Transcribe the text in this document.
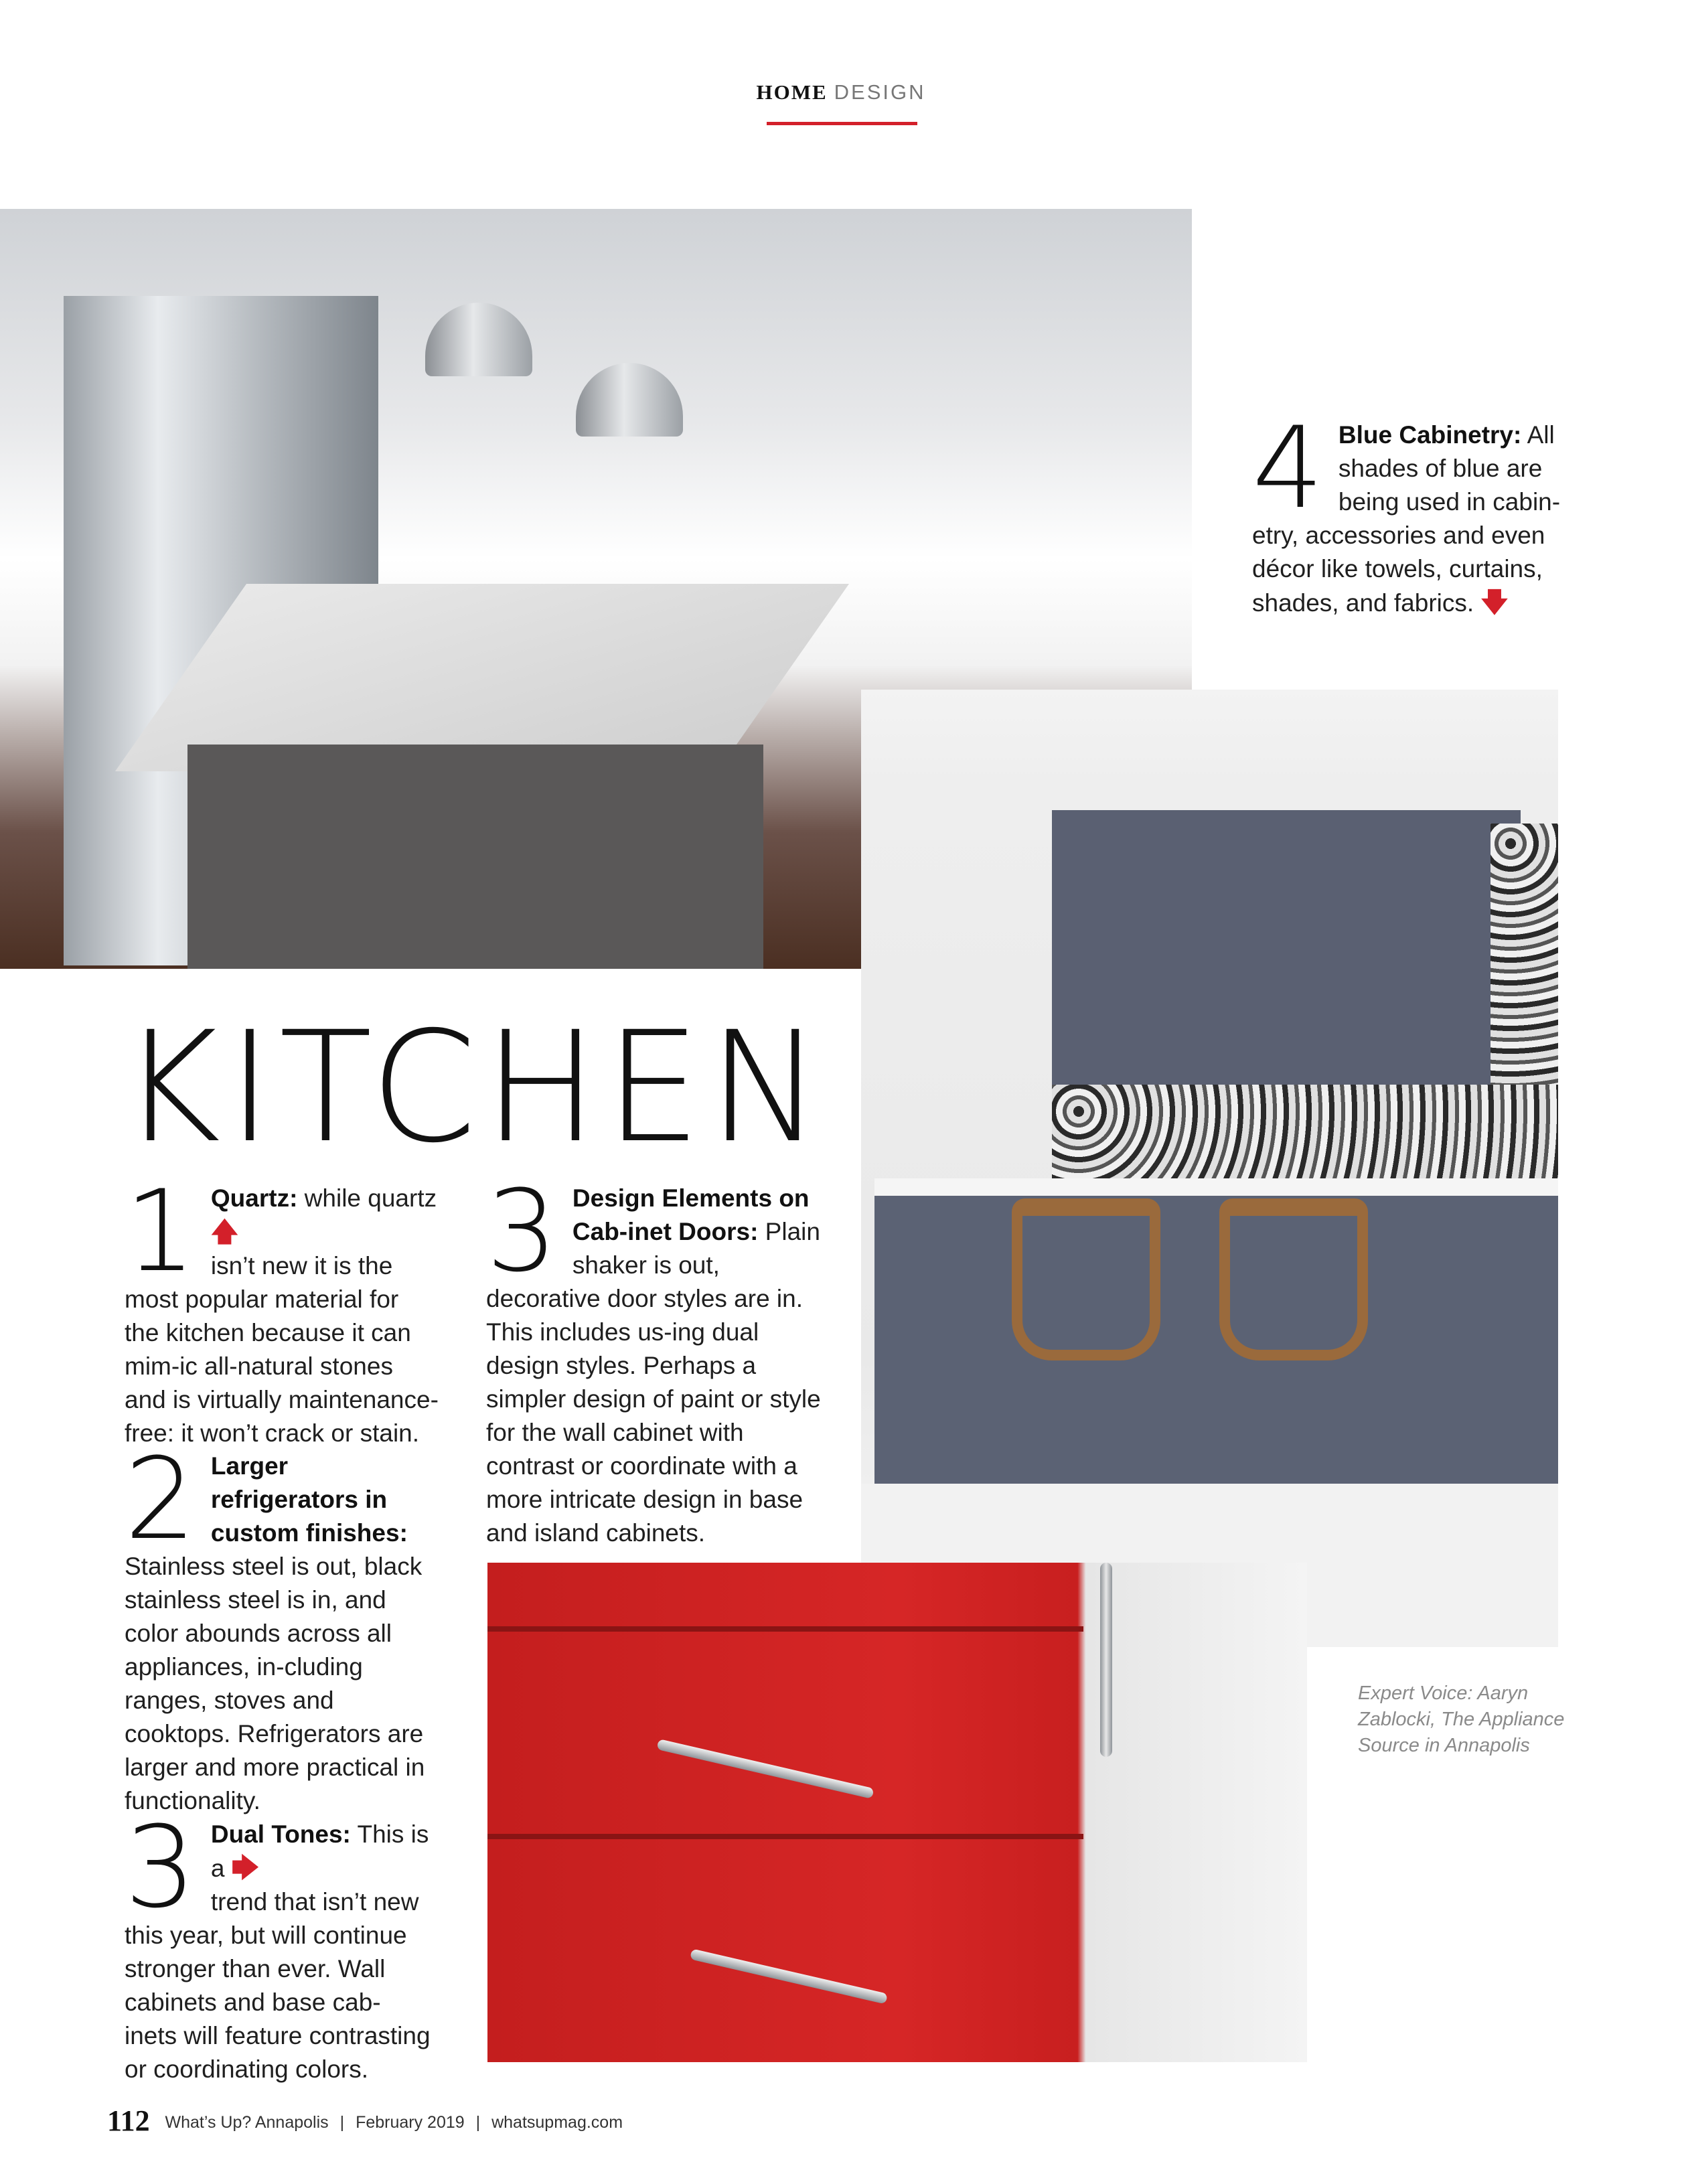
HOME DESIGN
KITCHEN
1 Quartz: while quartz 🡅
isn’t new it is the most popular material for the kitchen because it can mim-ic all-natural stones and is virtually maintenance-free: it won’t crack or stain.
2 Larger refrigerators in custom finishes: Stainless steel is out, black stainless steel is in, and color abounds across all appliances, in-cluding ranges, stoves and cooktops. Refrigerators are larger and more practical in functionality.
3 Dual Tones: This is a 🡆
trend that isn’t new this year, but will continue stronger than ever. Wall cabinets and base cab-inets will feature contrasting or coordinating colors.
3 Design Elements on Cab-inet Doors: Plain shaker is out, decorative door styles are in. This includes us-ing dual design styles. Perhaps a simpler design of paint or style for the wall cabinet with contrast or coordinate with a more intricate design in base and island cabinets.
4 Blue Cabinetry: All shades of blue are being used in cabin-etry, accessories and even décor like towels, curtains, shades, and fabrics. 🡇
Expert Voice: Aaryn Zablocki, The Appliance Source in Annapolis
112 What’s Up? Annapolis | February 2019 | whatsupmag.com
